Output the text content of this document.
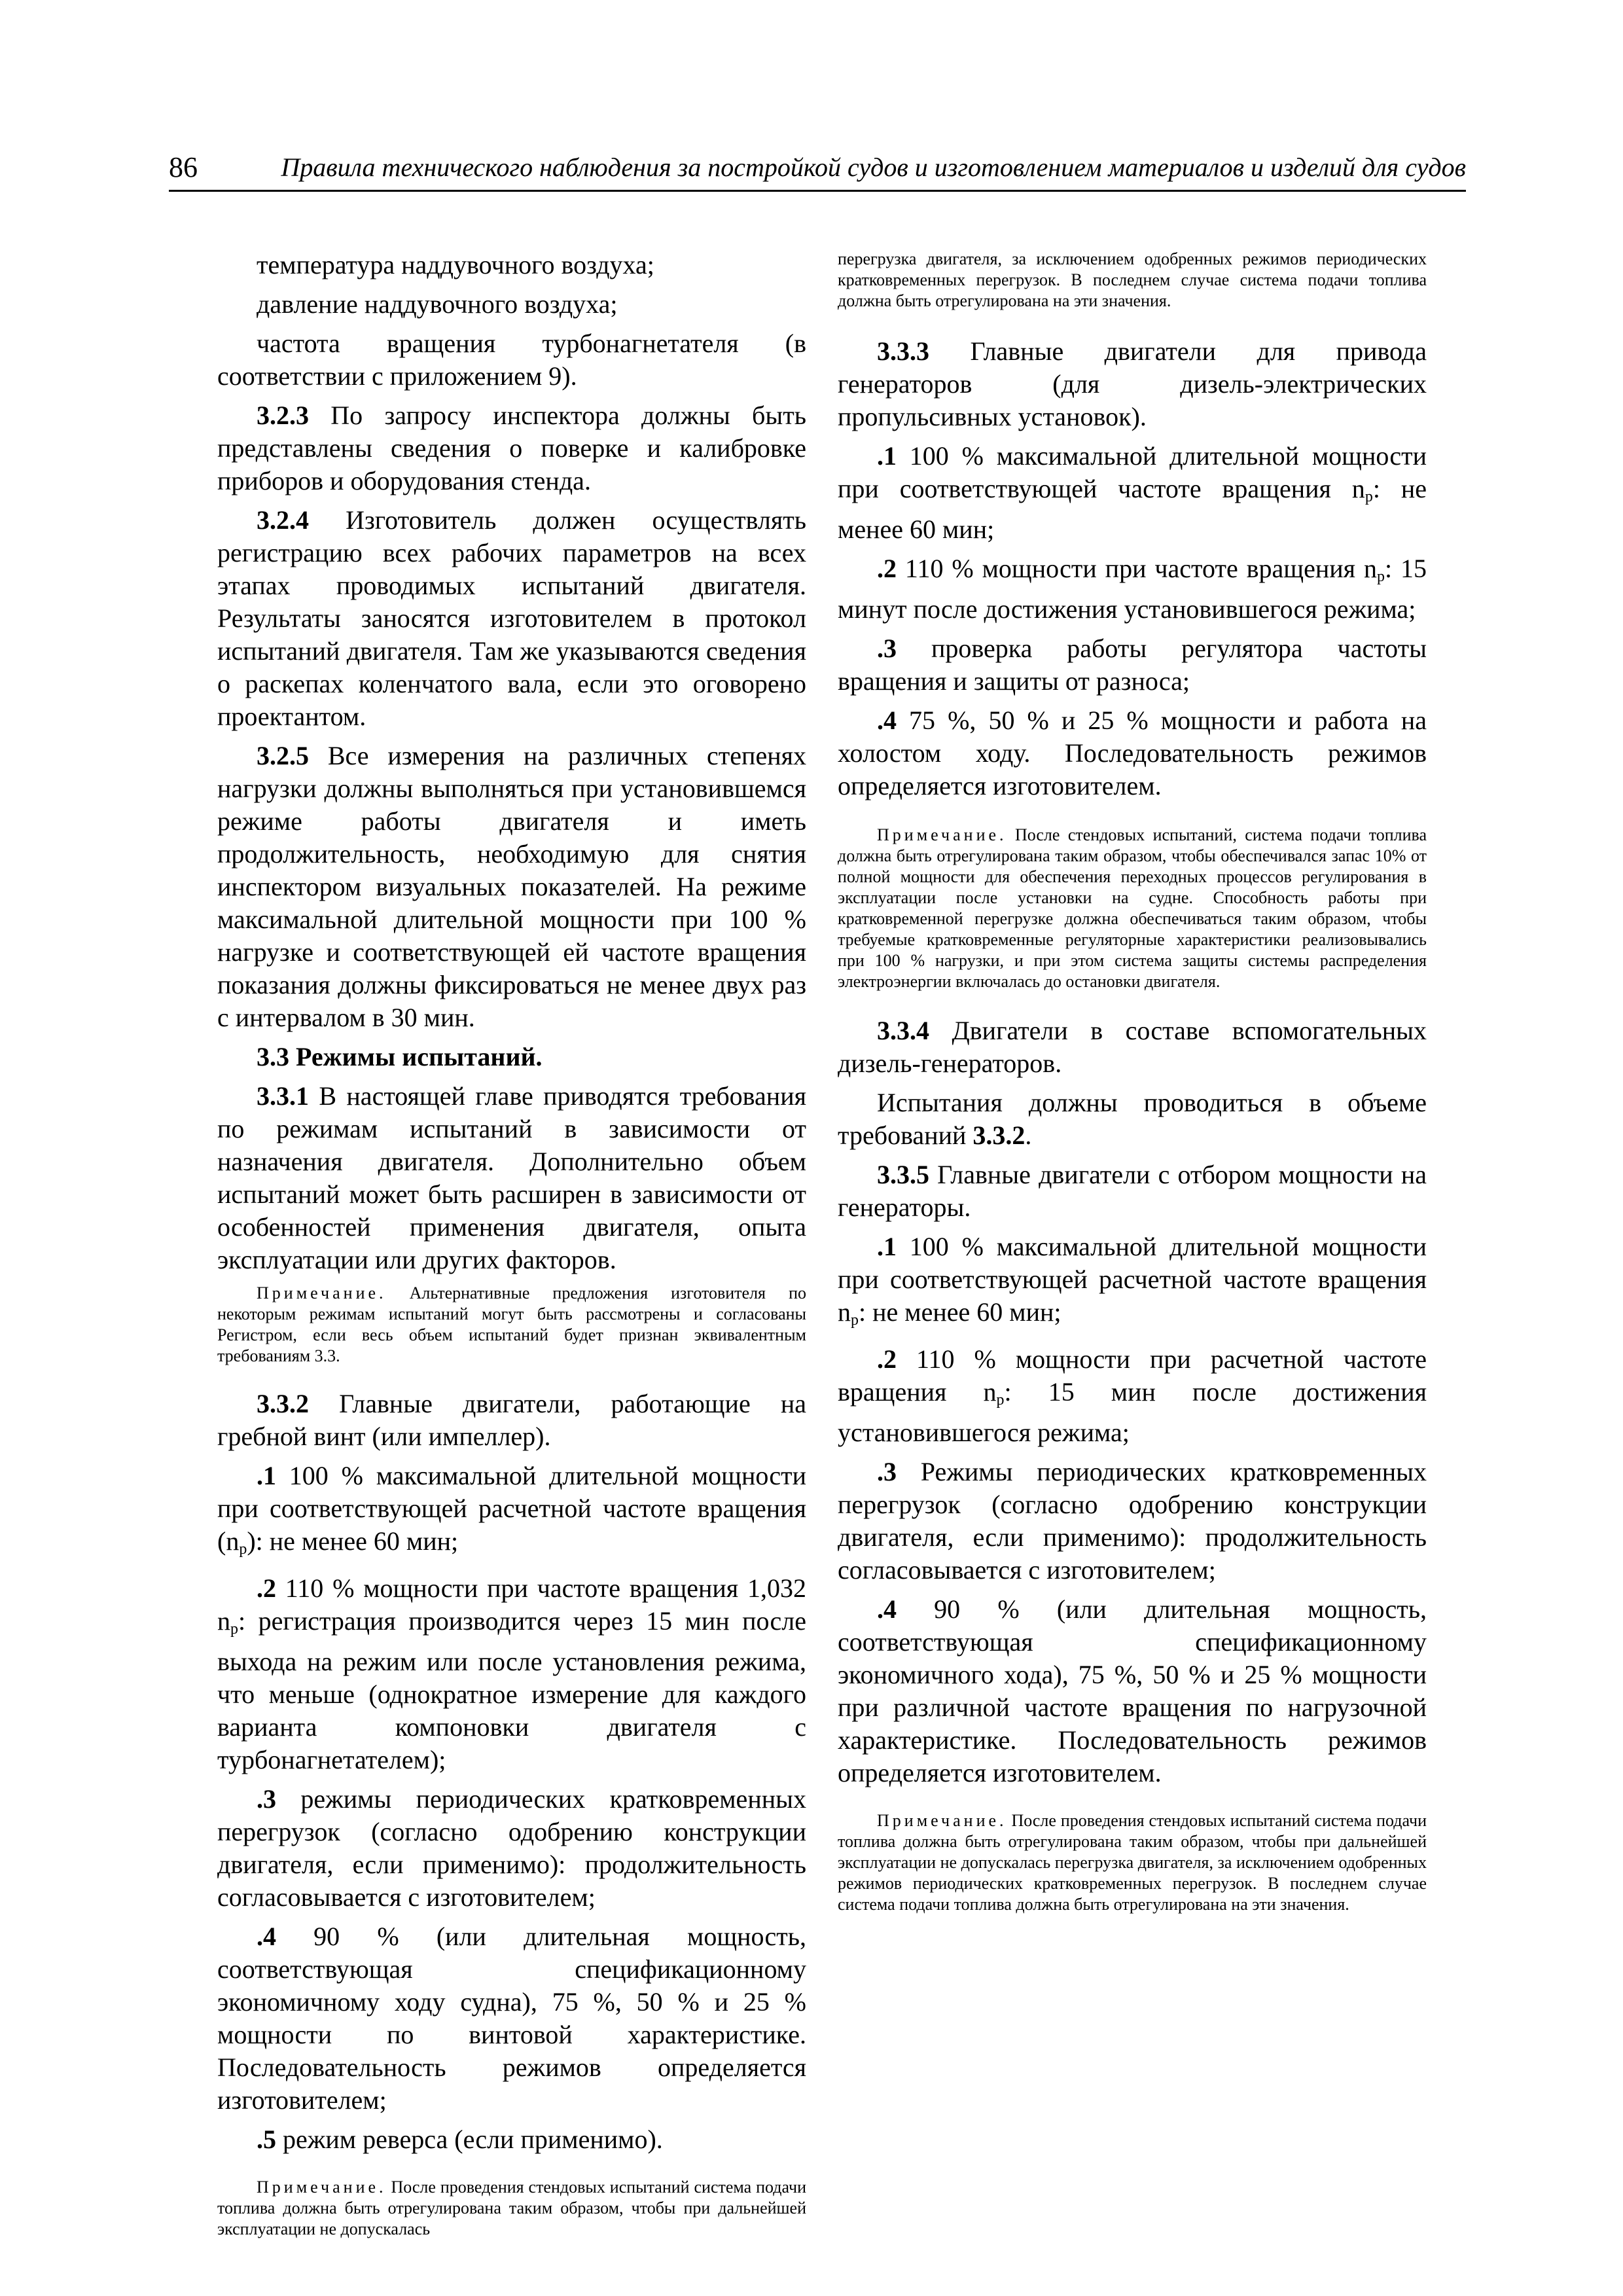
86	Правила технического наблюдения за постройкой судов и изготовлением материалов и изделий для судов

температура наддувочного воздуха;

давление наддувочного воздуха;

частота вращения турбонагнетателя (в соответствии с приложением 9).

3.2.3 По запросу инспектора должны быть представлены сведения о поверке и калибровке приборов и оборудования стенда.

3.2.4 Изготовитель должен осуществлять регистрацию всех рабочих параметров на всех этапах проводимых испытаний двигателя. Результаты заносятся изготовителем в протокол испытаний двигателя. Там же указываются сведения о раскепах коленчатого вала, если это оговорено проектантом.

3.2.5 Все измерения на различных степенях нагрузки должны выполняться при установившемся режиме работы двигателя и иметь продолжительность, необходимую для снятия инспектором визуальных показателей. На режиме максимальной длительной мощности при 100 % нагрузке и соответствующей ей частоте вращения показания должны фиксироваться не менее двух раз с интервалом в 30 мин.

3.3 Режимы испытаний.

3.3.1 В настоящей главе приводятся требования по режимам испытаний в зависимости от назначения двигателя. Дополнительно объем испытаний может быть расширен в зависимости от особенностей применения двигателя, опыта эксплуатации или других факторов.

Примечание. Альтернативные предложения изготовителя по некоторым режимам испытаний могут быть рассмотрены и согласованы Регистром, если весь объем испытаний будет признан эквивалентным требованиям 3.3.

3.3.2 Главные двигатели, работающие на гребной винт (или импеллер).

.1 100 % максимальной длительной мощности при соответствующей расчетной частоте вращения $(n_р)$: не менее 60 мин;

.2 110 % мощности при частоте вращения 1,032 $n_р$: регистрация производится через 15 мин после выхода на режим или после установления режима, что меньше (однократное измерение для каждого варианта компоновки двигателя с турбонагнетателем);

.3 режимы периодических кратковременных перегрузок (согласно одобрению конструкции двигателя, если применимо): продолжительность согласовывается с изготовителем;

.4 90 % (или длительная мощность, соответствующая спецификационному экономичному ходу судна), 75 %, 50 % и 25 % мощности по винтовой характеристике. Последовательность режимов определяется изготовителем;

.5 режим реверса (если применимо).

Примечание. После проведения стендовых испытаний система подачи топлива должна быть отрегулирована таким образом, чтобы при дальнейшей эксплуатации не допускалась

перегрузка двигателя, за исключением одобренных режимов периодических кратковременных перегрузок. В последнем случае система подачи топлива должна быть отрегулирована на эти значения.

3.3.3 Главные двигатели для привода генераторов (для дизель-электрических пропульсивных установок).

.1 100 % максимальной длительной мощности при соответствующей частоте вращения $n_р$: не менее 60 мин;

.2 110 % мощности при частоте вращения $n_р$: 15 минут после достижения установившегося режима;

.3 проверка работы регулятора частоты вращения и защиты от разноса;

.4 75 %, 50 % и 25 % мощности и работа на холостом ходу. Последовательность режимов определяется изготовителем.

Примечание. После стендовых испытаний, система подачи топлива должна быть отрегулирована таким образом, чтобы обеспечивался запас 10% от полной мощности для обеспечения переходных процессов регулирования в эксплуатации после установки на судне. Способность работы при кратковременной перегрузке должна обеспечиваться таким образом, чтобы требуемые кратковременные регуляторные характеристики реализовывались при 100 % нагрузки, и при этом система защиты системы распределения электроэнергии включалась до остановки двигателя.

3.3.4 Двигатели в составе вспомогательных дизель-генераторов.

Испытания должны проводиться в объеме требований 3.3.2.

3.3.5 Главные двигатели с отбором мощности на генераторы.

.1 100 % максимальной длительной мощности при соответствующей расчетной частоте вращения $n_р$: не менее 60 мин;

.2 110 % мощности при расчетной частоте вращения $n_р$: 15 мин после достижения установившегося режима;

.3 Режимы периодических кратковременных перегрузок (согласно одобрению конструкции двигателя, если применимо): продолжительность согласовывается с изготовителем;

.4 90 % (или длительная мощность, соответствующая спецификационному экономичного хода), 75 %, 50 % и 25 % мощности при различной частоте вращения по нагрузочной характеристике. Последовательность режимов определяется изготовителем.

Примечание. После проведения стендовых испытаний система подачи топлива должна быть отрегулирована таким образом, чтобы при дальнейшей эксплуатации не допускалась перегрузка двигателя, за исключением одобренных режимов периодических кратковременных перегрузок. В последнем случае система подачи топлива должна быть отрегулирована на эти значения.
